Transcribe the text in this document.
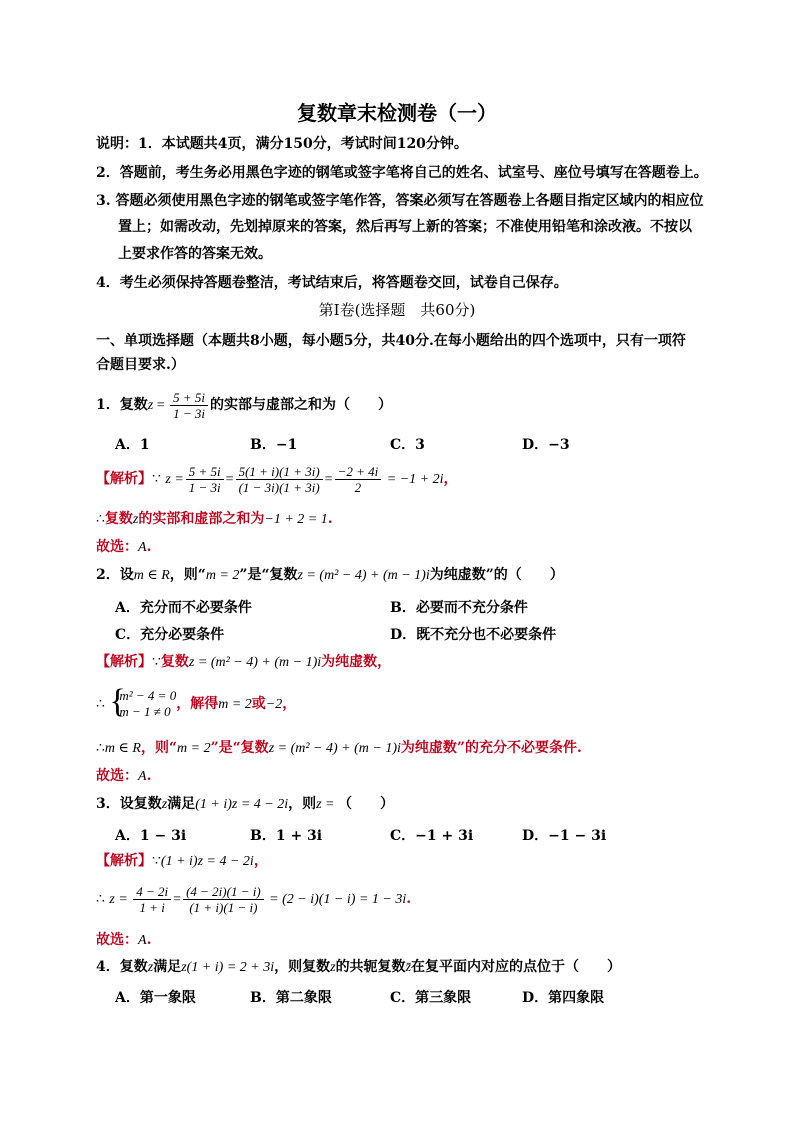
复数章末检测卷（一）
说明：1．本试题共4页，满分150分，考试时间120分钟。
2．答题前，考生务必用黑色字迹的钢笔或签字笔将自己的姓名、试室号、座位号填写在答题卷上。
3. 答题必须使用黑色字迹的钢笔或签字笔作答，答案必须写在答题卷上各题目指定区域内的相应位
置上；如需改动，先划掉原来的答案，然后再写上新的答案；不准使用铅笔和涂改液。不按以
上要求作答的答案无效。
4．考生必须保持答题卷整洁，考试结束后，将答题卷交回，试卷自己保存。
第Ⅰ卷(选择题　共60分)
一、单项选择题（本题共8小题，每小题5分，共40分.在每小题给出的四个选项中，只有一项符
合题目要求.）
1．复数$z = \frac{5 + 5i}{1 - 3i}$ 的实部与虚部之和为（　　）
A．1	B．−1	C．3	D．−3
【解析】∵ $z = \frac{5 + 5i}{1 - 3i} = \frac{5(1 + i)(1 + 3i)}{(1 - 3i)(1 + 3i)} = \frac{-2 + 4i}{2} = -1 + 2i$，
∴复数z的实部和虚部之和为−1 + 2 = 1.
故选：A.
2．设m ∈ R，则“m = 2”是“复数z = (m² − 4) + (m − 1)i为纯虚数”的（　　）
A．充分而不必要条件	B．必要而不充分条件
C．充分必要条件	D．既不充分也不必要条件
【解析】∵复数z = (m² − 4) + (m − 1)i为纯虚数，
∴ {
m² − 4 = 0
m − 1 ≠ 0 ，解得m = 2或−2，
∴m ∈ R，则“m = 2”是“复数z = (m² − 4) + (m − 1)i为纯虚数”的充分不必要条件.
故选：A.
3．设复数z满足(1 + i)z = 4 − 2i，则z = （　　）
A．1 − 3i	B．1 + 3i	C．−1 + 3i	D．−1 − 3i
【解析】∵(1 + i)z = 4 − 2i，
∴ $z = \frac{4 - 2i}{1 + i} = \frac{(4 - 2i)(1 - i)}{(1 + i)(1 - i)} = (2 - i)(1 - i) = 1 - 3i$.
故选：A.
4．复数z满足z(1 + i) = 2 + 3i，则复数z的共轭复数z̄在复平面内对应的点位于（　　）
A．第一象限	B．第二象限	C．第三象限	D．第四象限
